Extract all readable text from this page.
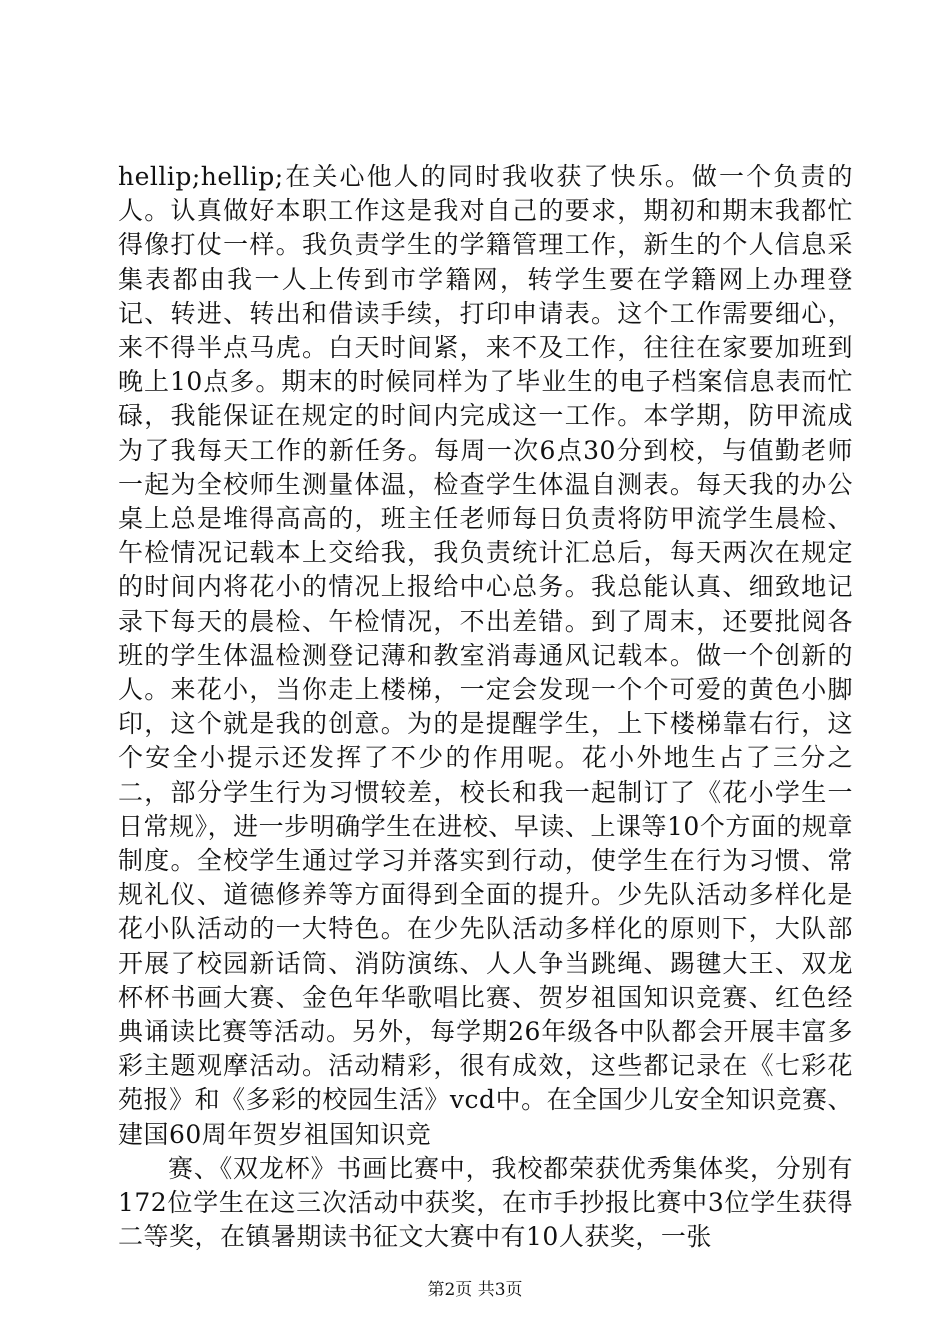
hellip;hellip;在关心他人的同时我收获了快乐。做一个负责的人。认真做好本职工作这是我对自己的要求，期初和期末我都忙得像打仗一样。我负责学生的学籍管理工作，新生的个人信息采集表都由我一人上传到市学籍网，转学生要在学籍网上办理登记、转进、转出和借读手续，打印申请表。这个工作需要细心，来不得半点马虎。白天时间紧，来不及工作，往往在家要加班到晚上10点多。期末的时候同样为了毕业生的电子档案信息表而忙碌，我能保证在规定的时间内完成这一工作。本学期，防甲流成为了我每天工作的新任务。每周一次6点30分到校，与值勤老师一起为全校师生测量体温，检查学生体温自测表。每天我的办公桌上总是堆得高高的，班主任老师每日负责将防甲流学生晨检、午检情况记载本上交给我，我负责统计汇总后，每天两次在规定的时间内将花小的情况上报给中心总务。我总能认真、细致地记录下每天的晨检、午检情况，不出差错。到了周末，还要批阅各班的学生体温检测登记薄和教室消毒通风记载本。做一个创新的人。来花小，当你走上楼梯，一定会发现一个个可爱的黄色小脚印，这个就是我的创意。为的是提醒学生，上下楼梯靠右行，这个安全小提示还发挥了不少的作用呢。花小外地生占了三分之二，部分学生行为习惯较差，校长和我一起制订了《花小学生一日常规》，进一步明确学生在进校、早读、上课等10个方面的规章制度。全校学生通过学习并落实到行动，使学生在行为习惯、常规礼仪、道德修养等方面得到全面的提升。少先队活动多样化是花小队活动的一大特色。在少先队活动多样化的原则下，大队部开展了校园新话筒、消防演练、人人争当跳绳、踢毽大王、双龙杯杯书画大赛、金色年华歌唱比赛、贺岁祖国知识竞赛、红色经典诵读比赛等活动。另外，每学期26年级各中队都会开展丰富多彩主题观摩活动。活动精彩，很有成效，这些都记录在《七彩花苑报》和《多彩的校园生活》vcd中。在全国少儿安全知识竞赛、建国60周年贺岁祖国知识竞

赛、《双龙杯》书画比赛中，我校都荣获优秀集体奖，分别有172位学生在这三次活动中获奖，在市手抄报比赛中3位学生获得二等奖，在镇暑期读书征文大赛中有10人获奖，一张

第2页 共3页
